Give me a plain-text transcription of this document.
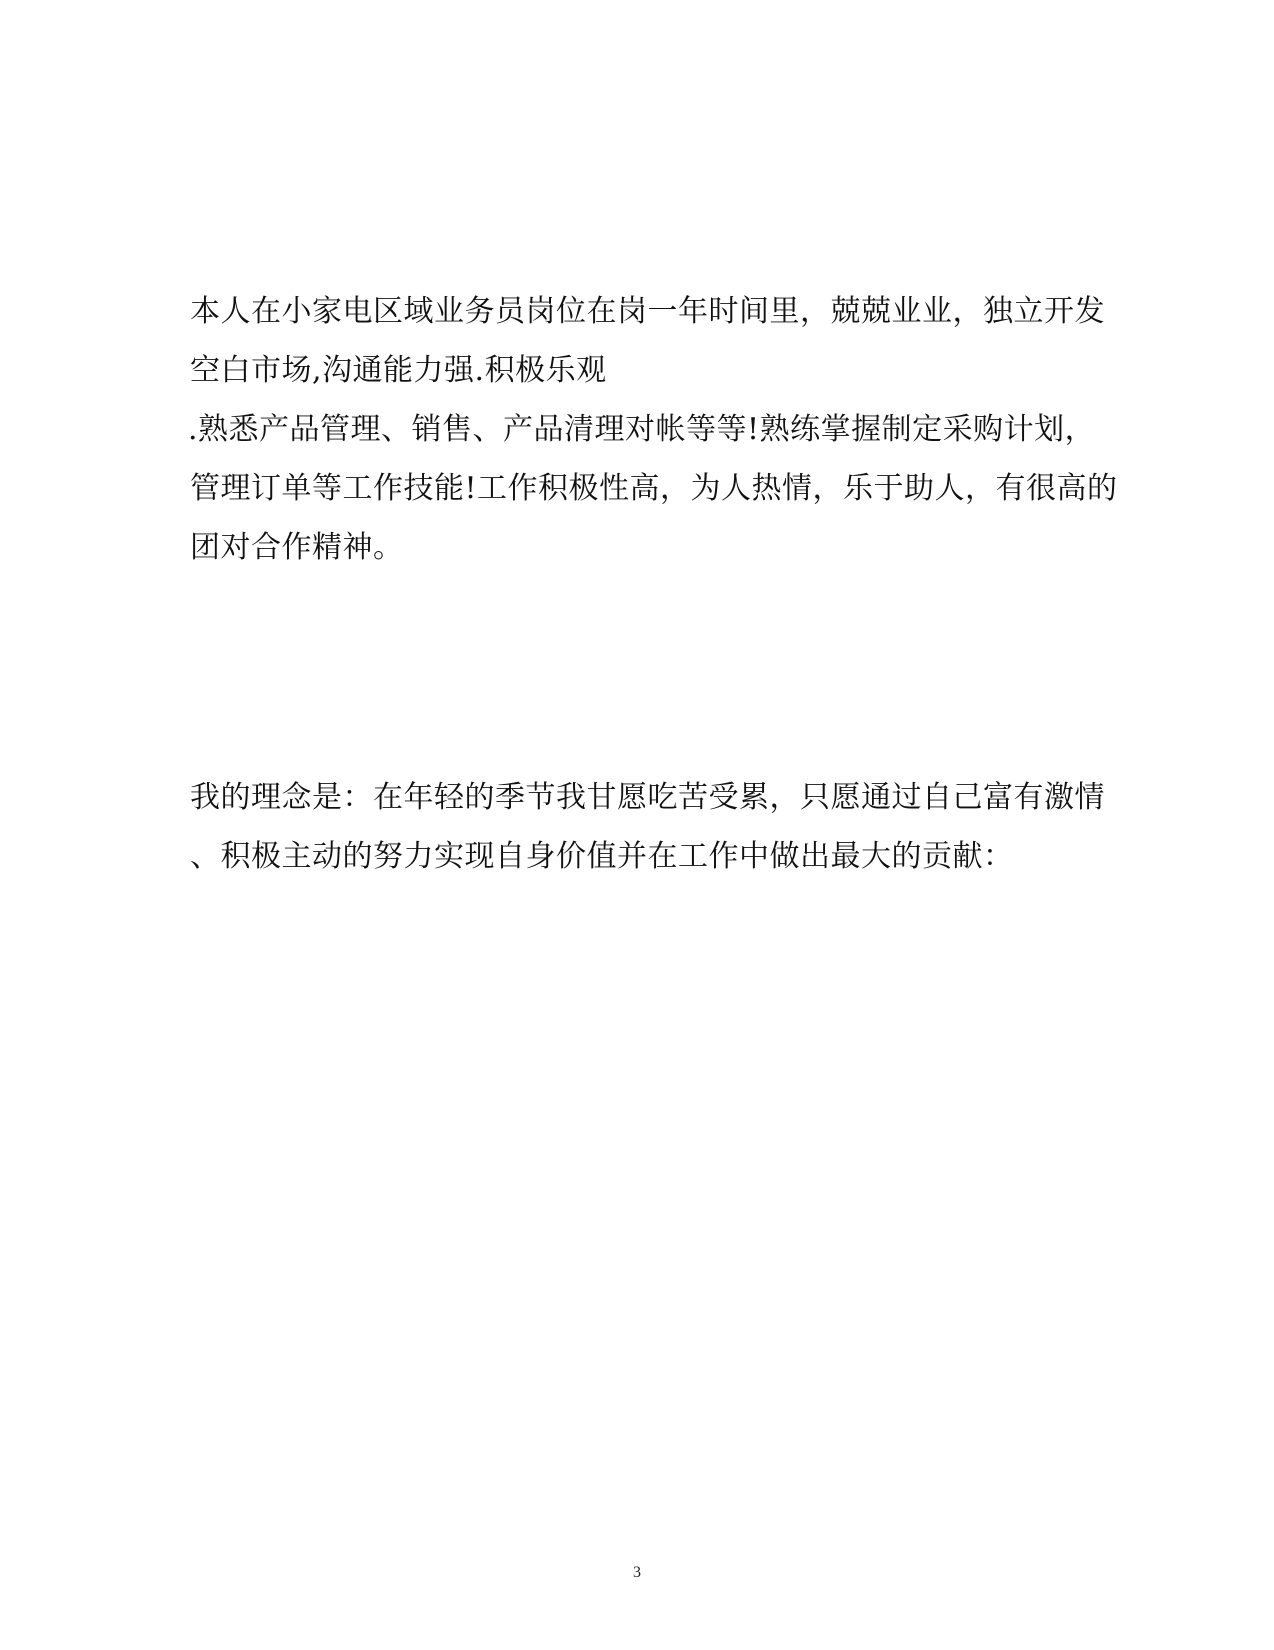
本人在小家电区域业务员岗位在岗一年时间里，兢兢业业，独立开发
空白市场,沟通能力强.积极乐观
.熟悉产品管理、销售、产品清理对帐等等!熟练掌握制定采购计划，
管理订单等工作技能!工作积极性高，为人热情，乐于助人，有很高的
团对合作精神。
我的理念是：在年轻的季节我甘愿吃苦受累，只愿通过自己富有激情
、积极主动的努力实现自身价值并在工作中做出最大的贡献：
3
